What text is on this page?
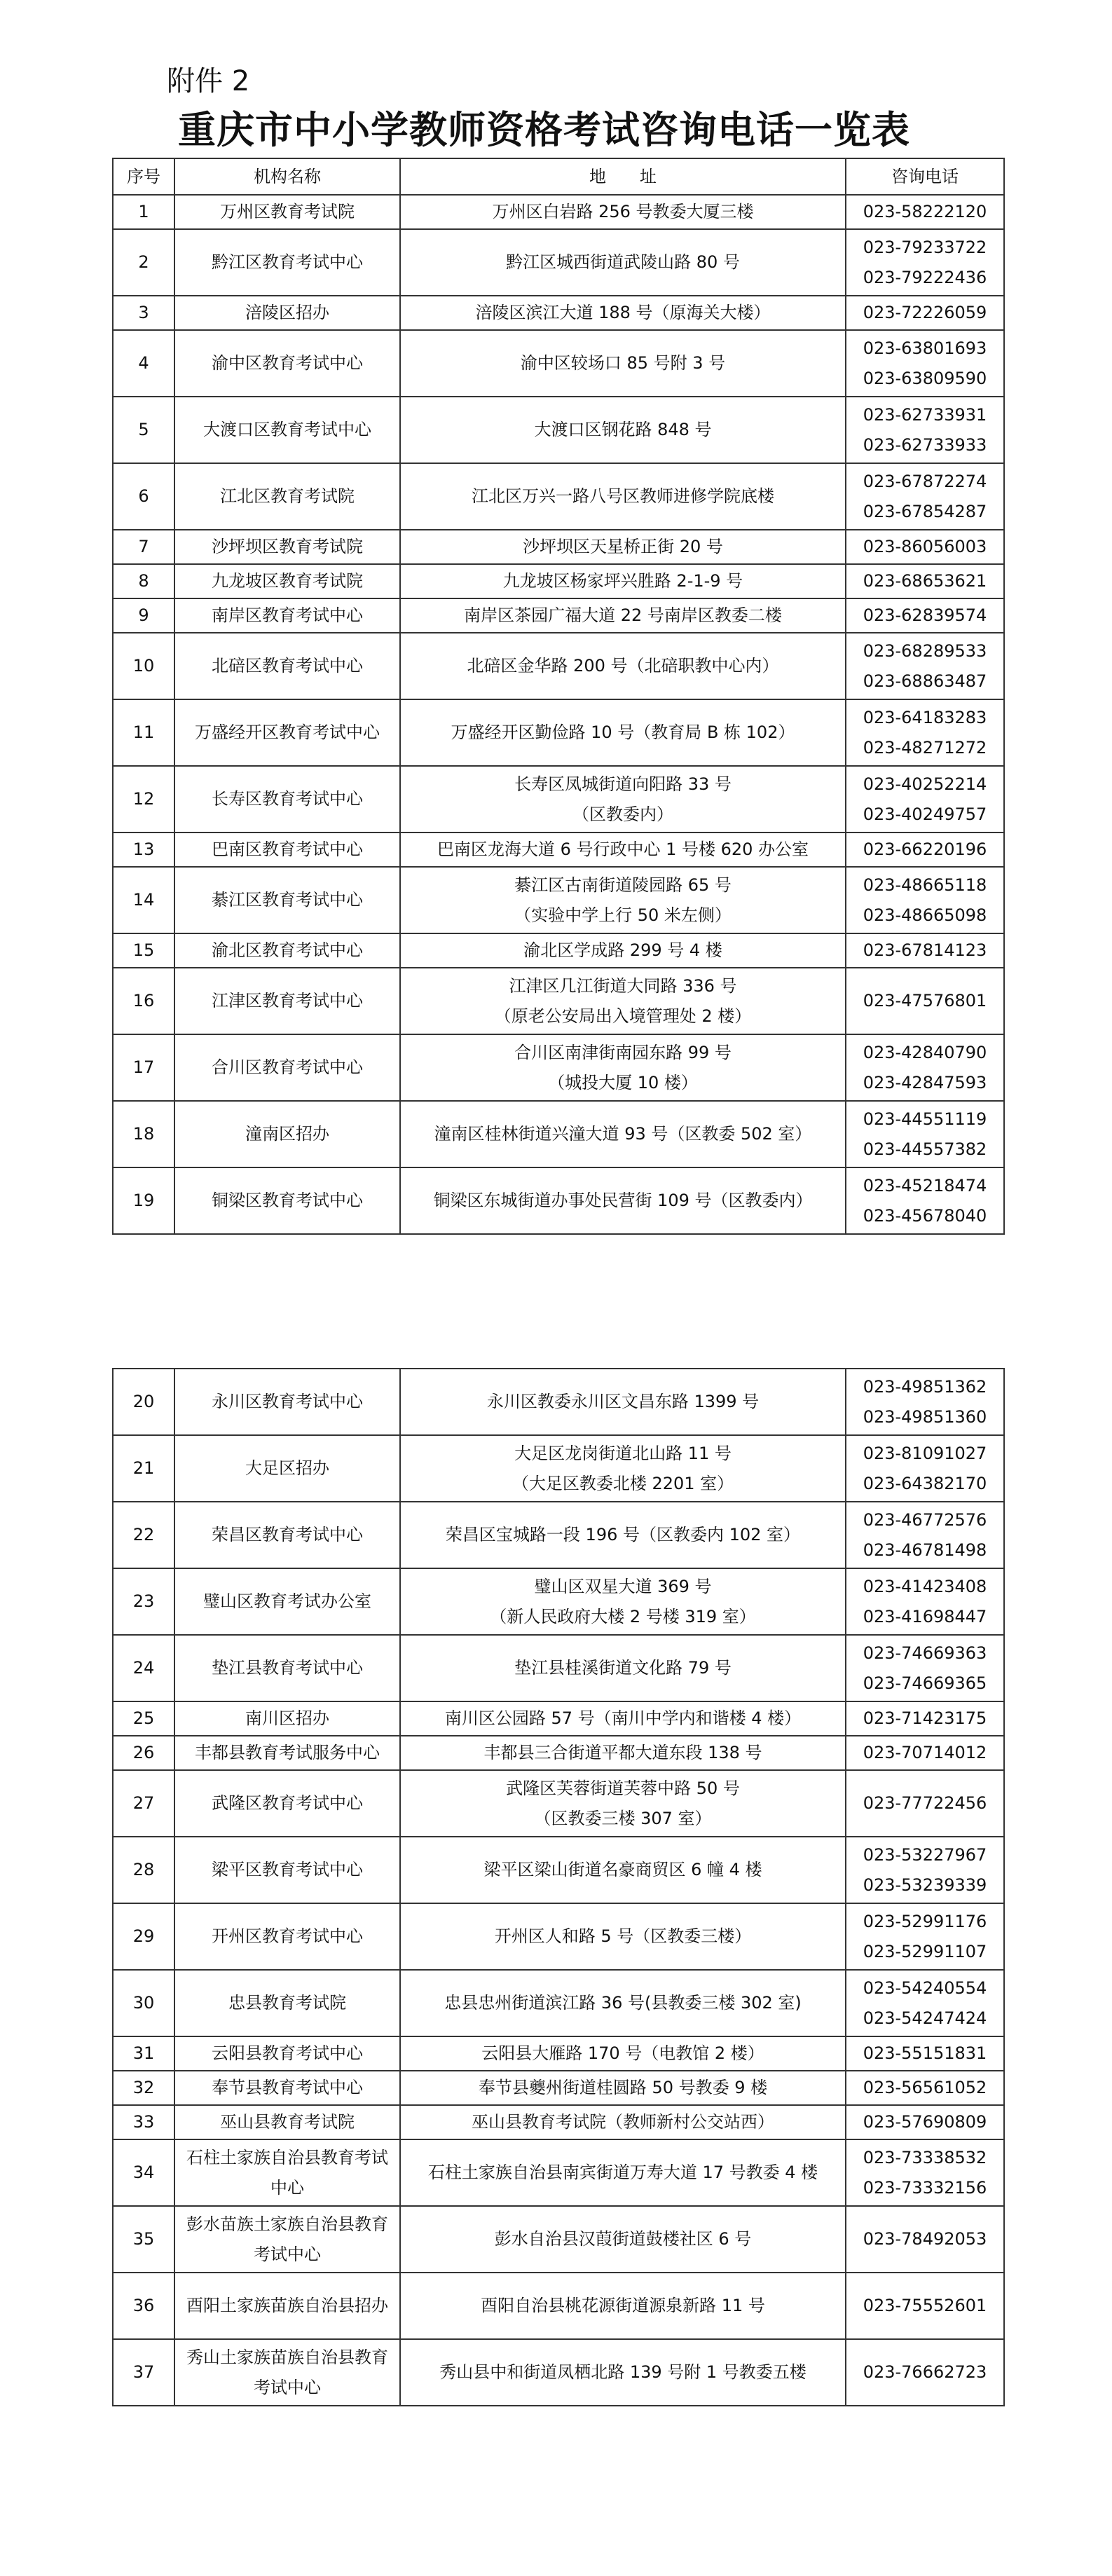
附件 2
重庆市中小学教师资格考试咨询电话一览表
序号	机构名称	地　　址	咨询电话
1	万州区教育考试院	万州区白岩路 256 号教委大厦三楼	023-58222120

2	黔江区教育考试中心	黔江区城西街道武陵山路 80 号	023-79233722
023-79222436

3	涪陵区招办	涪陵区滨江大道 188 号（原海关大楼）	023-72226059

4	渝中区教育考试中心	渝中区较场口 85 号附 3 号	023-63801693
023-63809590

5	大渡口区教育考试中心	大渡口区钢花路 848 号	023-62733931
023-62733933

6	江北区教育考试院	江北区万兴一路八号区教师进修学院底楼	023-67872274
023-67854287

7	沙坪坝区教育考试院	沙坪坝区天星桥正街 20 号	023-86056003

8	九龙坡区教育考试院	九龙坡区杨家坪兴胜路 2-1-9 号	023-68653621

9	南岸区教育考试中心	南岸区茶园广福大道 22 号南岸区教委二楼	023-62839574

10	北碚区教育考试中心	北碚区金华路 200 号（北碚职教中心内）	023-68289533
023-68863487

11	万盛经开区教育考试中心	万盛经开区勤俭路 10 号（教育局 B 栋 102）	023-64183283
023-48271272

12	长寿区教育考试中心	长寿区凤城街道向阳路 33 号
（区教委内）	023-40252214
023-40249757

13	巴南区教育考试中心	巴南区龙海大道 6 号行政中心 1 号楼 620 办公室	023-66220196

14	綦江区教育考试中心	綦江区古南街道陵园路 65 号
（实验中学上行 50 米左侧）	023-48665118
023-48665098

15	渝北区教育考试中心	渝北区学成路 299 号 4 楼	023-67814123

16	江津区教育考试中心	江津区几江街道大同路 336 号
（原老公安局出入境管理处 2 楼）	023-47576801

17	合川区教育考试中心	合川区南津街南园东路 99 号
（城投大厦 10 楼）	023-42840790
023-42847593

18	潼南区招办	潼南区桂林街道兴潼大道 93 号（区教委 502 室）	023-44551119
023-44557382

19	铜梁区教育考试中心	铜梁区东城街道办事处民营街 109 号（区教委内）	023-45218474
023-45678040
20	永川区教育考试中心	永川区教委永川区文昌东路 1399 号	023-49851362
023-49851360

21	大足区招办	大足区龙岗街道北山路 11 号
（大足区教委北楼 2201 室）	023-81091027
023-64382170

22	荣昌区教育考试中心	荣昌区宝城路一段 196 号（区教委内 102 室）	023-46772576
023-46781498

23	璧山区教育考试办公室	璧山区双星大道 369 号
（新人民政府大楼 2 号楼 319 室）	023-41423408
023-41698447

24	垫江县教育考试中心	垫江县桂溪街道文化路 79 号	023-74669363
023-74669365

25	南川区招办	南川区公园路 57 号（南川中学内和谐楼 4 楼）	023-71423175

26	丰都县教育考试服务中心	丰都县三合街道平都大道东段 138 号	023-70714012

27	武隆区教育考试中心	武隆区芙蓉街道芙蓉中路 50 号
（区教委三楼 307 室）	023-77722456

28	梁平区教育考试中心	梁平区梁山街道名豪商贸区 6 幢 4 楼	023-53227967
023-53239339

29	开州区教育考试中心	开州区人和路 5 号（区教委三楼）	023-52991176
023-52991107

30	忠县教育考试院	忠县忠州街道滨江路 36 号(县教委三楼 302 室)	023-54240554
023-54247424

31	云阳县教育考试中心	云阳县大雁路 170 号（电教馆 2 楼）	023-55151831

32	奉节县教育考试中心	奉节县夔州街道桂圆路 50 号教委 9 楼	023-56561052

33	巫山县教育考试院	巫山县教育考试院（教师新村公交站西）	023-57690809

34	石柱土家族自治县教育考试中心	石柱土家族自治县南宾街道万寿大道 17 号教委 4 楼	023-73338532
023-73332156

35	彭水苗族土家族自治县教育考试中心	彭水自治县汉葭街道鼓楼社区 6 号	023-78492053

36	酉阳土家族苗族自治县招办	酉阳自治县桃花源街道源泉新路 11 号	023-75552601

37	秀山土家族苗族自治县教育考试中心	秀山县中和街道凤栖北路 139 号附 1 号教委五楼	023-76662723
